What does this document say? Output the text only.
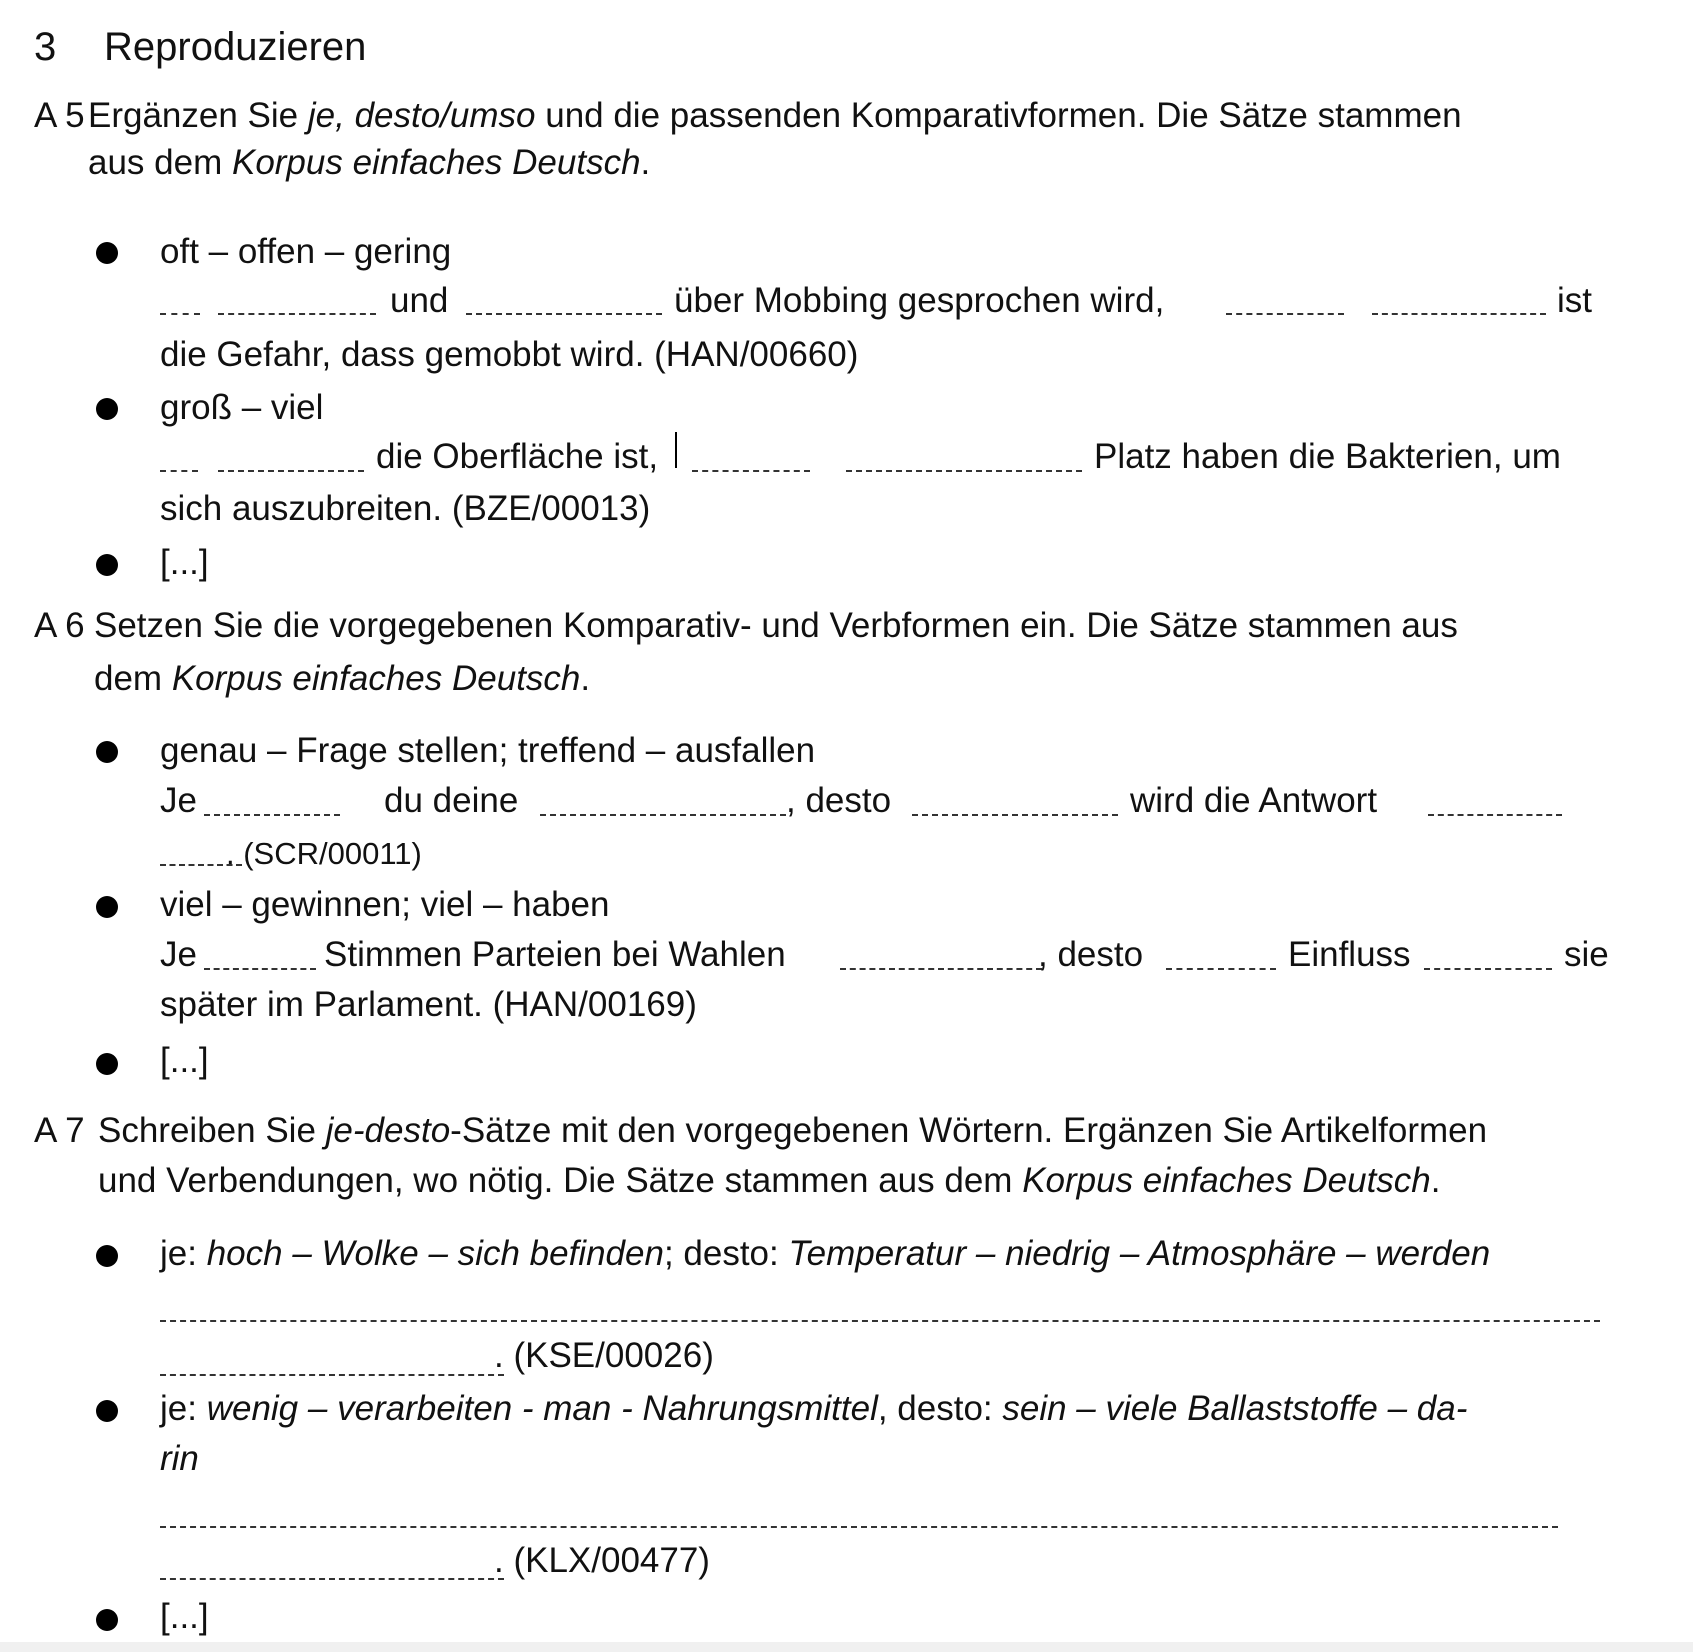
3 Reproduzieren
A 5 Ergänzen Sie je, desto/umso und die passenden Komparativformen. Die Sätze stammen
aus dem Korpus einfaches Deutsch.
oft – offen – gering
und	über Mobbing gesprochen wird,	ist
die Gefahr, dass gemobbt wird. (HAN/00660)
groß – viel
die Oberfläche ist,	Platz haben die Bakterien, um
sich auszubreiten. (BZE/00013)
[...]
A 6 Setzen Sie die vorgegebenen Komparativ- und Verbformen ein. Die Sätze stammen aus
dem Korpus einfaches Deutsch.
genau – Frage stellen; treffend – ausfallen
Je	du deine	, desto	wird die Antwort
. (SCR/00011)
viel – gewinnen; viel – haben
Je	Stimmen Parteien bei Wahlen	, desto	Einfluss	sie
später im Parlament. (HAN/00169)
[...]
A 7 Schreiben Sie je-desto-Sätze mit den vorgegebenen Wörtern. Ergänzen Sie Artikelformen
und Verbendungen, wo nötig. Die Sätze stammen aus dem Korpus einfaches Deutsch.
je: hoch – Wolke – sich befinden; desto: Temperatur – niedrig – Atmosphäre – werden
. (KSE/00026)
je: wenig – verarbeiten - man - Nahrungsmittel, desto: sein – viele Ballaststoffe – da-
rin
. (KLX/00477)
[...]
